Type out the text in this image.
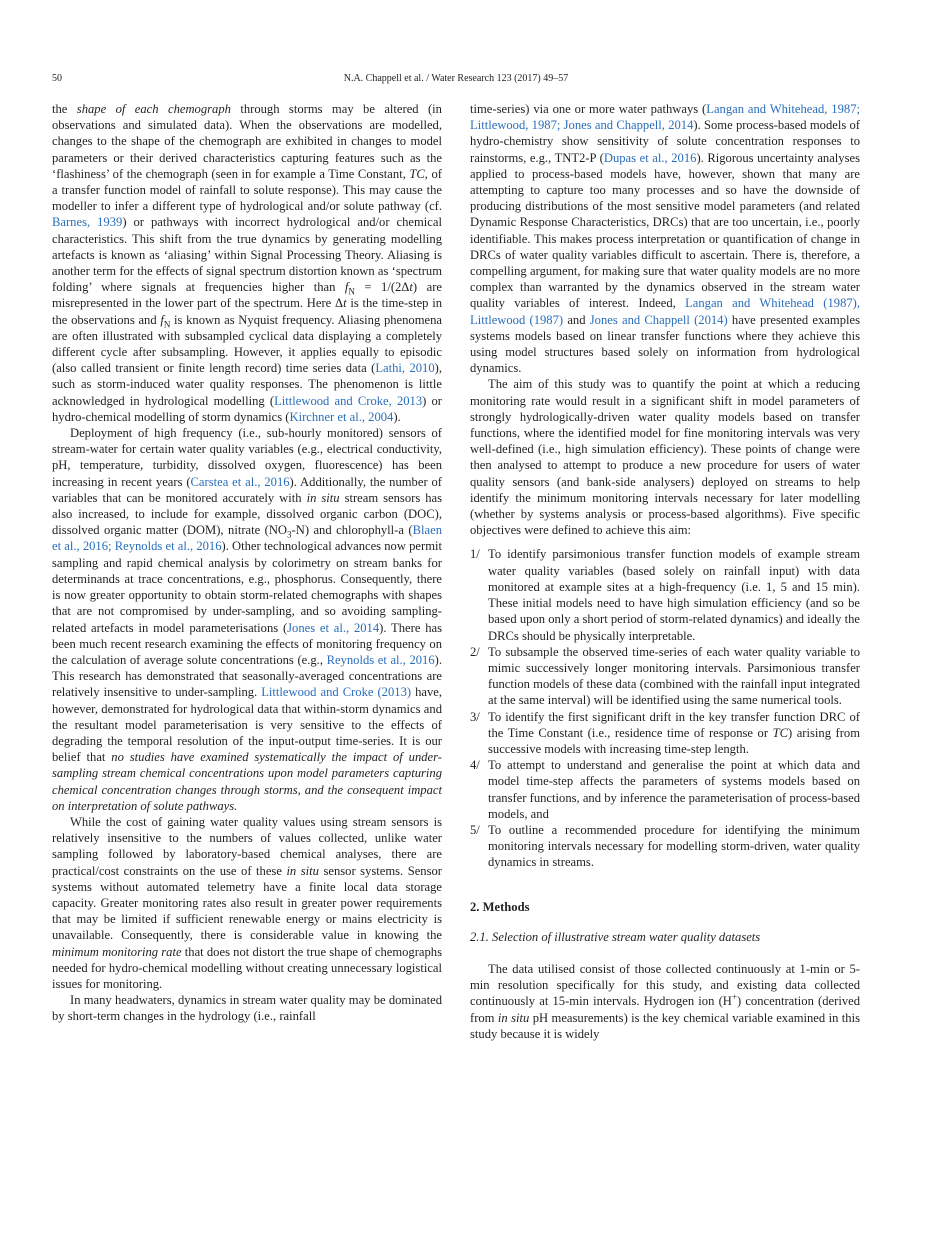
50	N.A. Chappell et al. / Water Research 123 (2017) 49–57

the shape of each chemograph through storms may be altered (in observations and simulated data). When the observations are modelled, changes to the shape of the chemograph are exhibited in changes to model parameters or their derived characteristics capturing features such as the ‘flashiness’ of the chemograph (seen in for example a Time Constant, TC, of a transfer function model of rainfall to solute response). This may cause the modeller to infer a different type of hydrological and/or solute pathway (cf. Barnes, 1939) or pathways with incorrect hydrological and/or chemical characteristics. This shift from the true dynamics by generating modelling artefacts is known as ‘aliasing’ within Signal Processing Theory. Aliasing is another term for the effects of signal spectrum distortion known as ‘spectrum folding’ where signals at frequencies higher than $f_N = 1/(2\Delta t)$ are misrepresented in the lower part of the spectrum. Here Δt is the time-step in the observations and $f_N$ is known as Nyquist frequency. Aliasing phenomena are often illustrated with subsampled cyclical data displaying a completely different cycle after subsampling. However, it applies equally to episodic (also called transient or finite length record) time series data (Lathi, 2010), such as storm-induced water quality responses. The phenomenon is little acknowledged in hydrological modelling (Littlewood and Croke, 2013) or hydro-chemical modelling of storm dynamics (Kirchner et al., 2004).

Deployment of high frequency (i.e., sub-hourly monitored) sensors of stream-water for certain water quality variables (e.g., electrical conductivity, pH, temperature, turbidity, dissolved oxygen, fluorescence) has been increasing in recent years (Carstea et al., 2016). Additionally, the number of variables that can be monitored accurately with in situ stream sensors has also increased, to include for example, dissolved organic carbon (DOC), dissolved organic matter (DOM), nitrate $(NO_3-N)$ and chlorophyll-a (Blaen et al., 2016; Reynolds et al., 2016). Other technological advances now permit sampling and rapid chemical analysis by colorimetry on stream banks for determinands at trace concentrations, e.g., phosphorus. Consequently, there is now greater opportunity to obtain storm-related chemographs with shapes that are not compromised by under-sampling, and so avoiding sampling-related artefacts in model parameterisations (Jones et al., 2014). There has been much recent research examining the effects of monitoring frequency on the calculation of average solute concentrations (e.g., Reynolds et al., 2016). This research has demonstrated that seasonally-averaged concentrations are relatively insensitive to under-sampling. Littlewood and Croke (2013) have, however, demonstrated for hydrological data that within-storm dynamics and the resultant model parameterisation is very sensitive to the effects of degrading the temporal resolution of the input-output time-series. It is our belief that no studies have examined systematically the impact of under-sampling stream chemical concentrations upon model parameters capturing chemical concentration changes through storms, and the consequent impact on interpretation of solute pathways.

While the cost of gaining water quality values using stream sensors is relatively insensitive to the numbers of values collected, unlike water sampling followed by laboratory-based chemical analyses, there are practical/cost constraints on the use of these in situ sensor systems. Sensor systems without automated telemetry have a finite local data storage capacity. Greater monitoring rates also result in greater power requirements that may be limited if sufficient renewable energy or mains electricity is unavailable. Consequently, there is considerable value in knowing the minimum monitoring rate that does not distort the true shape of chemographs needed for hydro-chemical modelling without creating unnecessary logistical issues for monitoring.

In many headwaters, dynamics in stream water quality may be dominated by short-term changes in the hydrology (i.e., rainfall

time-series) via one or more water pathways (Langan and Whitehead, 1987; Littlewood, 1987; Jones and Chappell, 2014). Some process-based models of hydro-chemistry show sensitivity of solute concentration responses to rainstorms, e.g., TNT2-P (Dupas et al., 2016). Rigorous uncertainty analyses applied to process-based models have, however, shown that many are attempting to capture too many processes and so have the downside of producing distributions of the most sensitive model parameters (and related Dynamic Response Characteristics, DRCs) that are too uncertain, i.e., poorly identifiable. This makes process interpretation or quantification of change in DRCs of water quality variables difficult to ascertain. There is, therefore, a compelling argument, for making sure that water quality models are no more complex than warranted by the dynamics observed in the stream water quality variables of interest. Indeed, Langan and Whitehead (1987), Littlewood (1987) and Jones and Chappell (2014) have presented examples systems models based on linear transfer functions where they achieve this using model structures based solely on information from hydrological dynamics.

The aim of this study was to quantify the point at which a reducing monitoring rate would result in a significant shift in model parameters of strongly hydrologically-driven water quality models based on transfer functions, where the identified model for fine monitoring intervals was very well-defined (i.e., high simulation efficiency). These points of change were then analysed to attempt to produce a new procedure for users of water quality sensors (and bank-side analysers) deployed on streams to help identify the minimum monitoring intervals necessary for later modelling (whether by systems analysis or process-based algorithms). Five specific objectives were defined to achieve this aim:

1/ To identify parsimonious transfer function models of example stream water quality variables (based solely on rainfall input) with data monitored at example sites at a high-frequency (i.e. 1, 5 and 15 min). These initial models need to have high simulation efficiency (and so be based upon only a short period of storm-related dynamics) and ideally the DRCs should be physically interpretable.
2/ To subsample the observed time-series of each water quality variable to mimic successively longer monitoring intervals. Parsimonious transfer function models of these data (combined with the rainfall input integrated at the same interval) will be identified using the same numerical tools.
3/ To identify the first significant drift in the key transfer function DRC of the Time Constant (i.e., residence time of response or TC) arising from successive models with increasing time-step length.
4/ To attempt to understand and generalise the point at which data and model time-step affects the parameters of systems models based on transfer functions, and by inference the parameterisation of process-based models, and
5/ To outline a recommended procedure for identifying the minimum monitoring intervals necessary for modelling storm-driven, water quality dynamics in streams.
2. Methods
2.1. Selection of illustrative stream water quality datasets

The data utilised consist of those collected continuously at 1-min or 5-min resolution specifically for this study, and existing data collected continuously at 15-min intervals. Hydrogen ion (H+) concentration (derived from in situ pH measurements) is the key chemical variable examined in this study because it is widely
